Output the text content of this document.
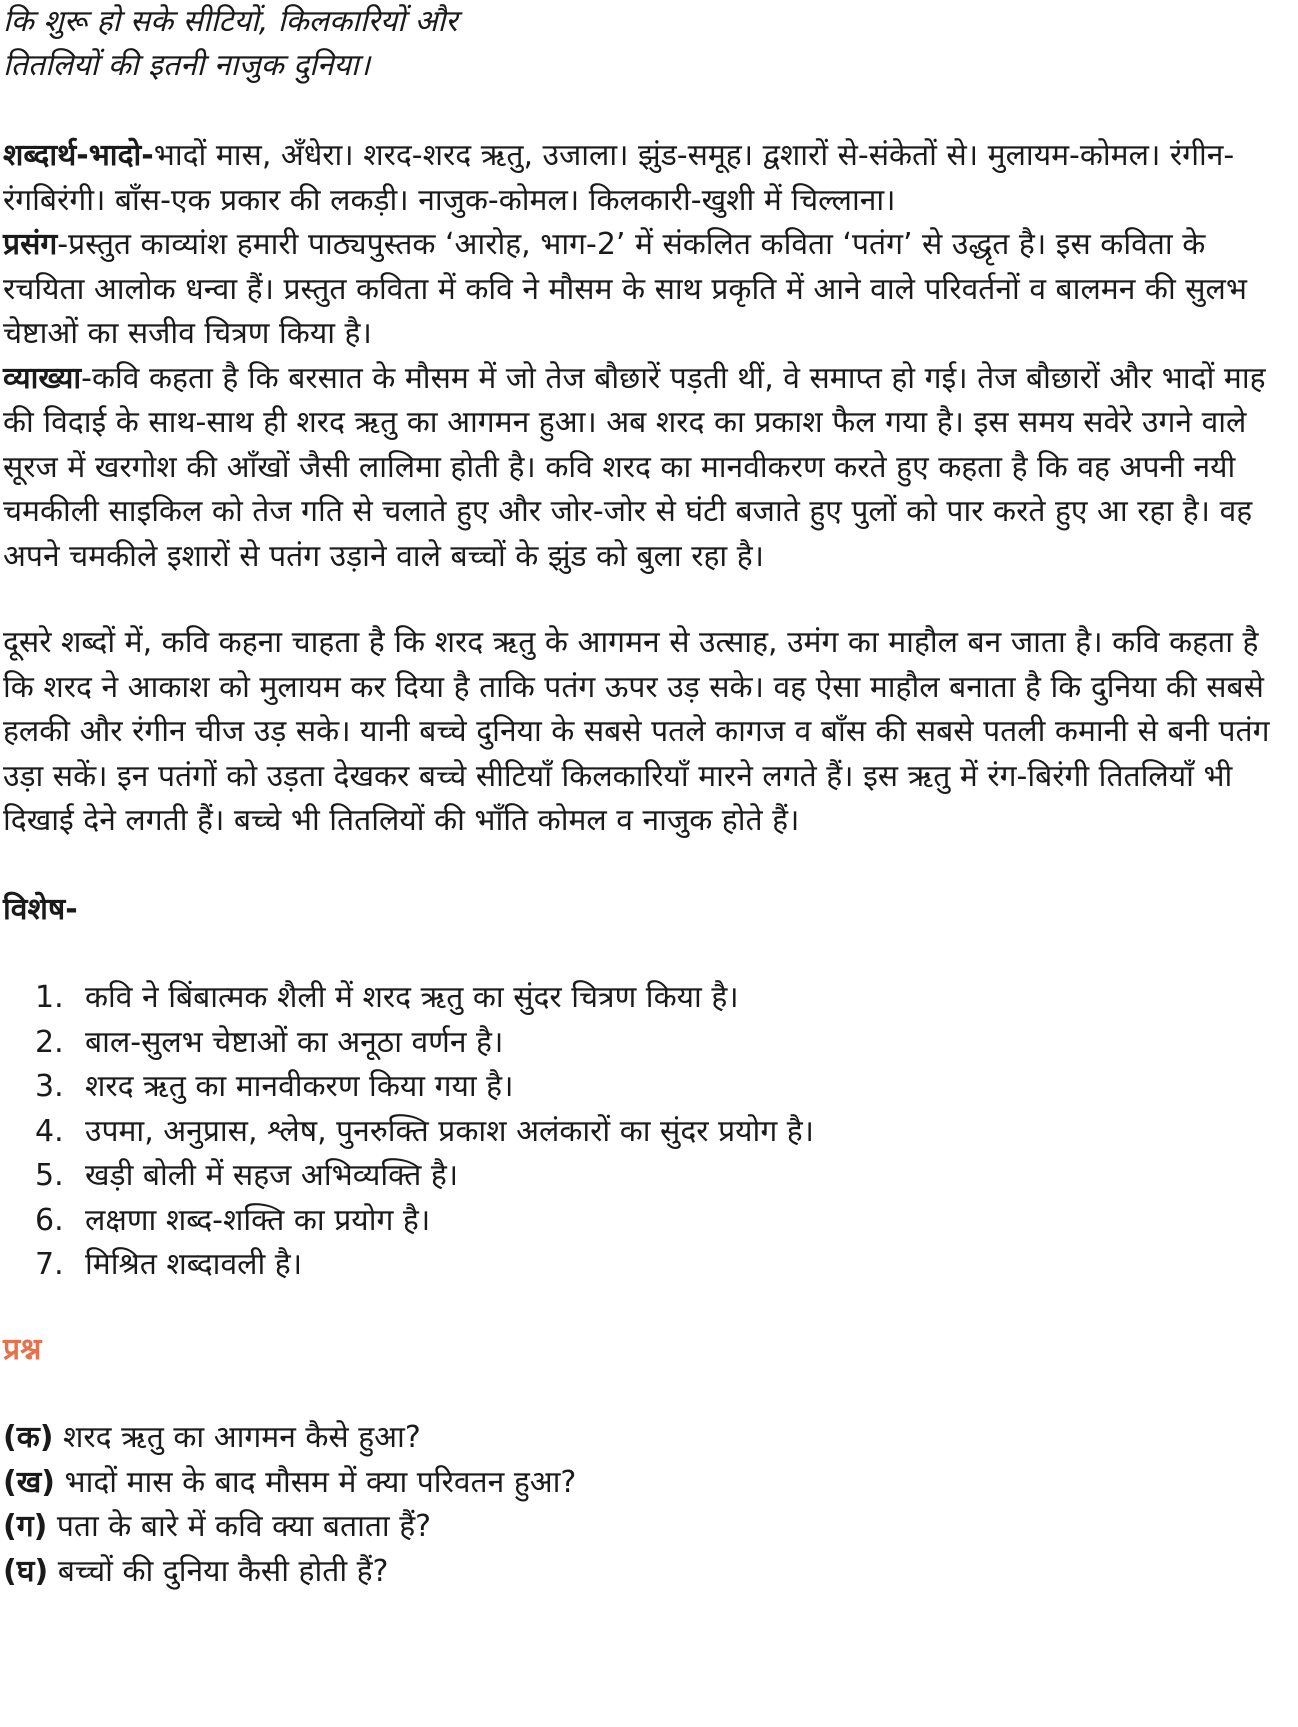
कि शुरू हो सके सीटियों, किलकारियों और
तितलियों की इतनी नाजुक दुनिया।

शब्दार्थ-भादो-भादों मास, अँधेरा। शरद-शरद ऋतु, उजाला। झुंड-समूह। द्वशारों से-संकेतों से। मुलायम-कोमल। रंगीन-रंगबिरंगी। बाँस-एक प्रकार की लकड़ी। नाजुक-कोमल। किलकारी-खुशी में चिल्लाना।

प्रसंग-प्रस्तुत काव्यांश हमारी पाठ्यपुस्तक ‘आरोह, भाग-2’ में संकलित कविता ‘पतंग’ से उद्धृत है। इस कविता के रचयिता आलोक धन्वा हैं। प्रस्तुत कविता में कवि ने मौसम के साथ प्रकृति में आने वाले परिवर्तनों व बालमन की सुलभ चेष्टाओं का सजीव चित्रण किया है।

व्याख्या-कवि कहता है कि बरसात के मौसम में जो तेज बौछारें पड़ती थीं, वे समाप्त हो गई। तेज बौछारों और भादों माह की विदाई के साथ-साथ ही शरद ऋतु का आगमन हुआ। अब शरद का प्रकाश फैल गया है। इस समय सवेरे उगने वाले सूरज में खरगोश की आँखों जैसी लालिमा होती है। कवि शरद का मानवीकरण करते हुए कहता है कि वह अपनी नयी चमकीली साइकिल को तेज गति से चलाते हुए और जोर-जोर से घंटी बजाते हुए पुलों को पार करते हुए आ रहा है। वह अपने चमकीले इशारों से पतंग उड़ाने वाले बच्चों के झुंड को बुला रहा है।

दूसरे शब्दों में, कवि कहना चाहता है कि शरद ऋतु के आगमन से उत्साह, उमंग का माहौल बन जाता है। कवि कहता है कि शरद ने आकाश को मुलायम कर दिया है ताकि पतंग ऊपर उड़ सके। वह ऐसा माहौल बनाता है कि दुनिया की सबसे हलकी और रंगीन चीज उड़ सके। यानी बच्चे दुनिया के सबसे पतले कागज व बाँस की सबसे पतली कमानी से बनी पतंग उड़ा सकें। इन पतंगों को उड़ता देखकर बच्चे सीटियाँ किलकारियाँ मारने लगते हैं। इस ऋतु में रंग-बिरंगी तितलियाँ भी दिखाई देने लगती हैं। बच्चे भी तितलियों की भाँति कोमल व नाजुक होते हैं।

विशेष-

1. कवि ने बिंबात्मक शैली में शरद ऋतु का सुंदर चित्रण किया है।
2. बाल-सुलभ चेष्टाओं का अनूठा वर्णन है।
3. शरद ऋतु का मानवीकरण किया गया है।
4. उपमा, अनुप्रास, श्लेष, पुनरुक्ति प्रकाश अलंकारों का सुंदर प्रयोग है।
5. खड़ी बोली में सहज अभिव्यक्ति है।
6. लक्षणा शब्द-शक्ति का प्रयोग है।
7. मिश्रित शब्दावली है।

प्रश्न

(क) शरद ऋतु का आगमन कैसे हुआ?

(ख) भादों मास के बाद मौसम में क्या परिवतन हुआ?

(ग) पता के बारे में कवि क्या बताता हैं?

(घ) बच्चों की दुनिया कैसी होती हैं?
